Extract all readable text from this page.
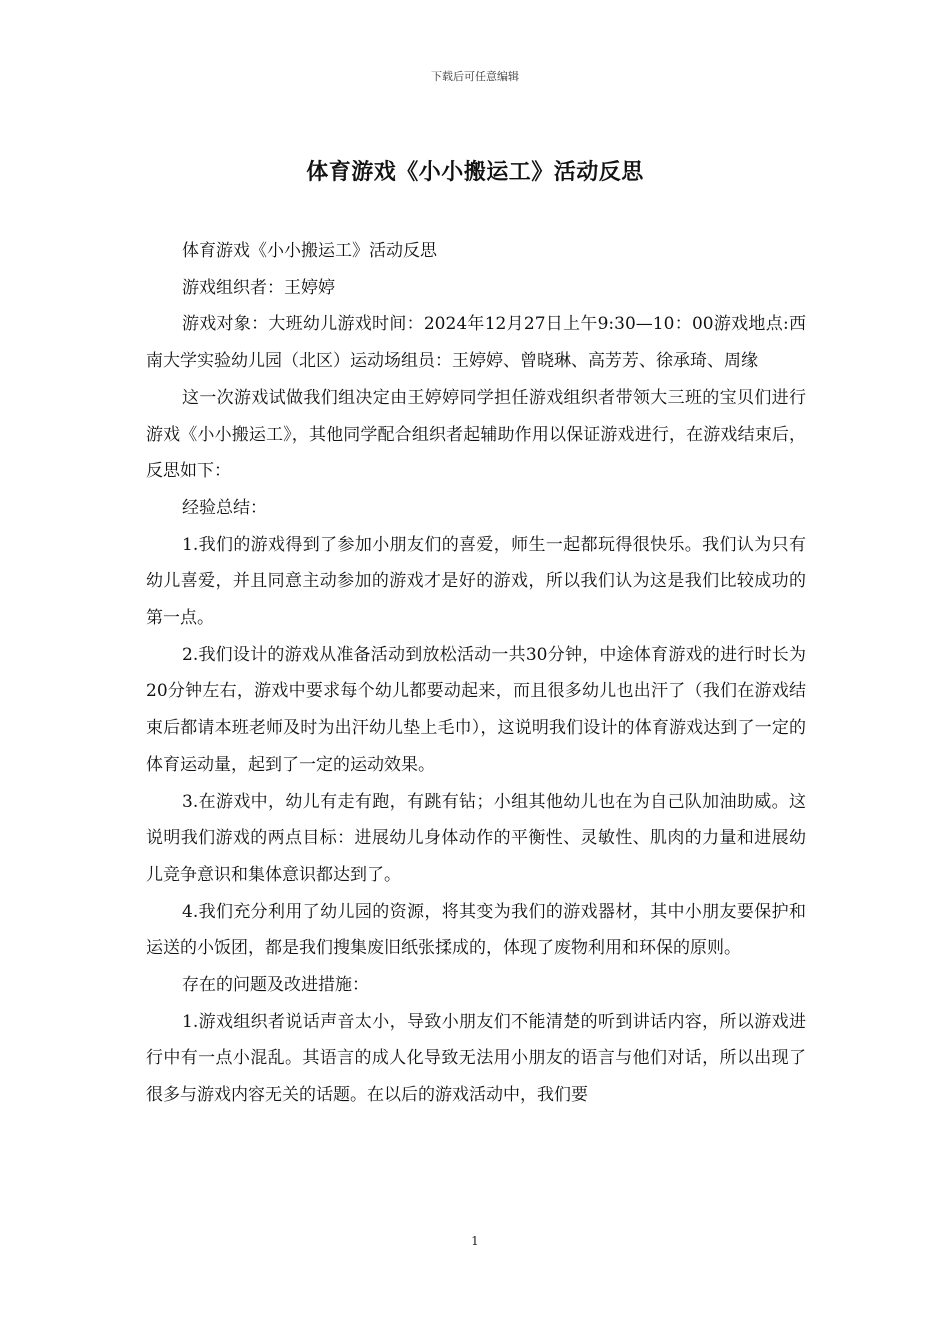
下载后可任意编辑
体育游戏《小小搬运工》活动反思

体育游戏《小小搬运工》活动反思

游戏组织者：王婷婷

游戏对象：大班幼儿游戏时间：2024年12月27日上午9:30—10：00游戏地点:西南大学实验幼儿园（北区）运动场组员：王婷婷、曾晓琳、高芳芳、徐承琦、周缘

这一次游戏试做我们组决定由王婷婷同学担任游戏组织者带领大三班的宝贝们进行游戏《小小搬运工》，其他同学配合组织者起辅助作用以保证游戏进行，在游戏结束后，反思如下：

经验总结：

1.我们的游戏得到了参加小朋友们的喜爱，师生一起都玩得很快乐。我们认为只有幼儿喜爱，并且同意主动参加的游戏才是好的游戏，所以我们认为这是我们比较成功的第一点。

2.我们设计的游戏从准备活动到放松活动一共30分钟，中途体育游戏的进行时长为20分钟左右，游戏中要求每个幼儿都要动起来，而且很多幼儿也出汗了（我们在游戏结束后都请本班老师及时为出汗幼儿垫上毛巾），这说明我们设计的体育游戏达到了一定的体育运动量，起到了一定的运动效果。

3.在游戏中，幼儿有走有跑，有跳有钻；小组其他幼儿也在为自己队加油助威。这说明我们游戏的两点目标：进展幼儿身体动作的平衡性、灵敏性、肌肉的力量和进展幼儿竞争意识和集体意识都达到了。

4.我们充分利用了幼儿园的资源，将其变为我们的游戏器材，其中小朋友要保护和运送的小饭团，都是我们搜集废旧纸张揉成的，体现了废物利用和环保的原则。

存在的问题及改进措施：

1.游戏组织者说话声音太小，导致小朋友们不能清楚的听到讲话内容，所以游戏进行中有一点小混乱。其语言的成人化导致无法用小朋友的语言与他们对话，所以出现了很多与游戏内容无关的话题。在以后的游戏活动中，我们要

1
